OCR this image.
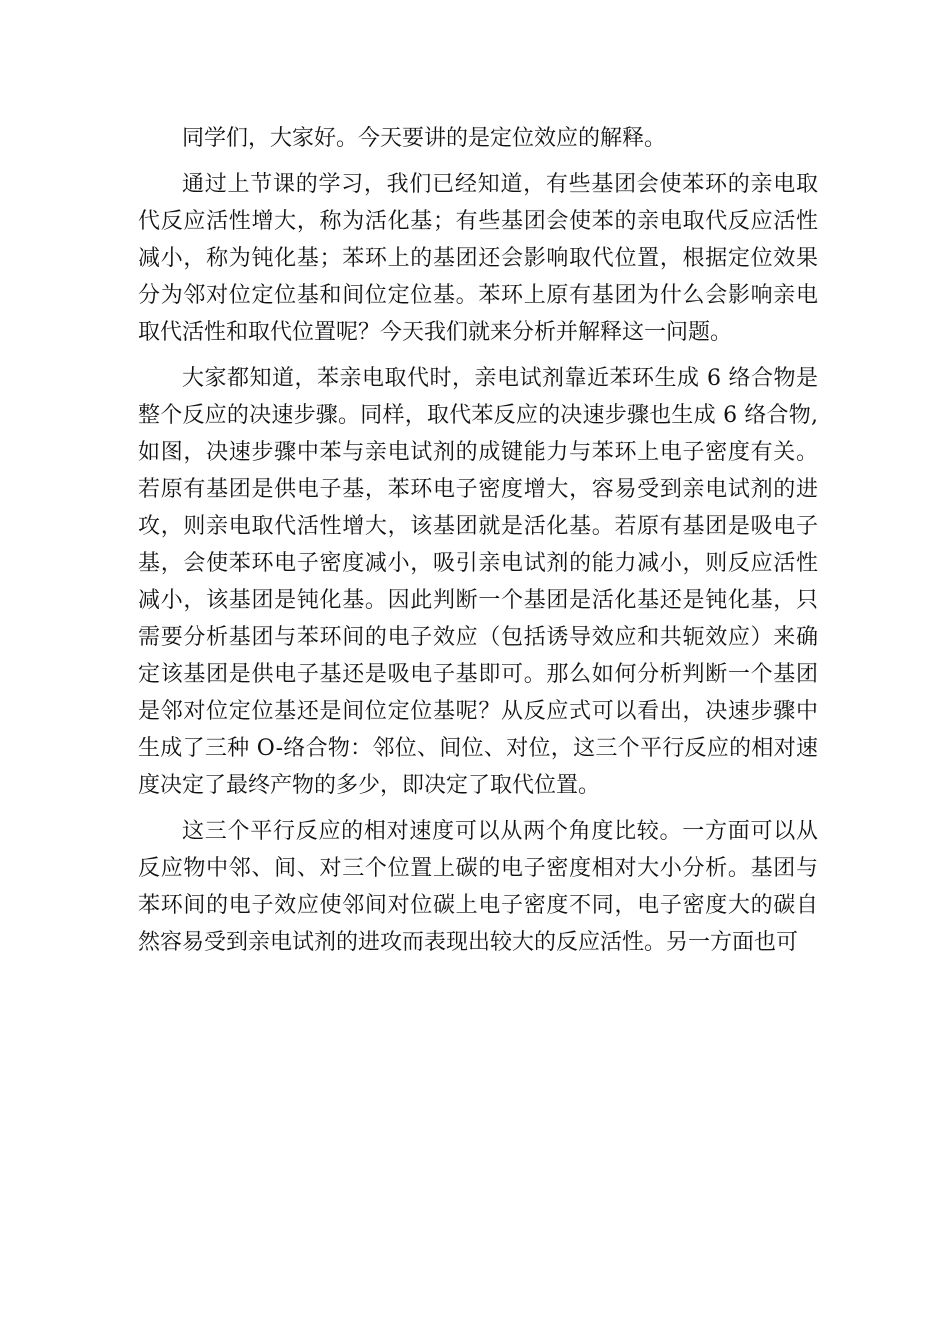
同学们，大家好。今天要讲的是定位效应的解释。

通过上节课的学习，我们已经知道，有些基团会使苯环的亲电取代反应活性增大，称为活化基；有些基团会使苯的亲电取代反应活性减小，称为钝化基；苯环上的基团还会影响取代位置，根据定位效果分为邻对位定位基和间位定位基。苯环上原有基团为什么会影响亲电取代活性和取代位置呢？今天我们就来分析并解释这一问题。

大家都知道，苯亲电取代时，亲电试剂靠近苯环生成 6 络合物是整个反应的决速步骤。同样，取代苯反应的决速步骤也生成 6 络合物,如图，决速步骤中苯与亲电试剂的成键能力与苯环上电子密度有关。若原有基团是供电子基，苯环电子密度增大，容易受到亲电试剂的进攻，则亲电取代活性增大，该基团就是活化基。若原有基团是吸电子基，会使苯环电子密度减小，吸引亲电试剂的能力减小，则反应活性减小，该基团是钝化基。因此判断一个基团是活化基还是钝化基，只需要分析基团与苯环间的电子效应（包括诱导效应和共轭效应）来确定该基团是供电子基还是吸电子基即可。那么如何分析判断一个基团是邻对位定位基还是间位定位基呢？从反应式可以看出，决速步骤中生成了三种 O-络合物：邻位、间位、对位，这三个平行反应的相对速度决定了最终产物的多少，即决定了取代位置。

这三个平行反应的相对速度可以从两个角度比较。一方面可以从反应物中邻、间、对三个位置上碳的电子密度相对大小分析。基团与苯环间的电子效应使邻间对位碳上电子密度不同，电子密度大的碳自然容易受到亲电试剂的进攻而表现出较大的反应活性。另一方面也可
